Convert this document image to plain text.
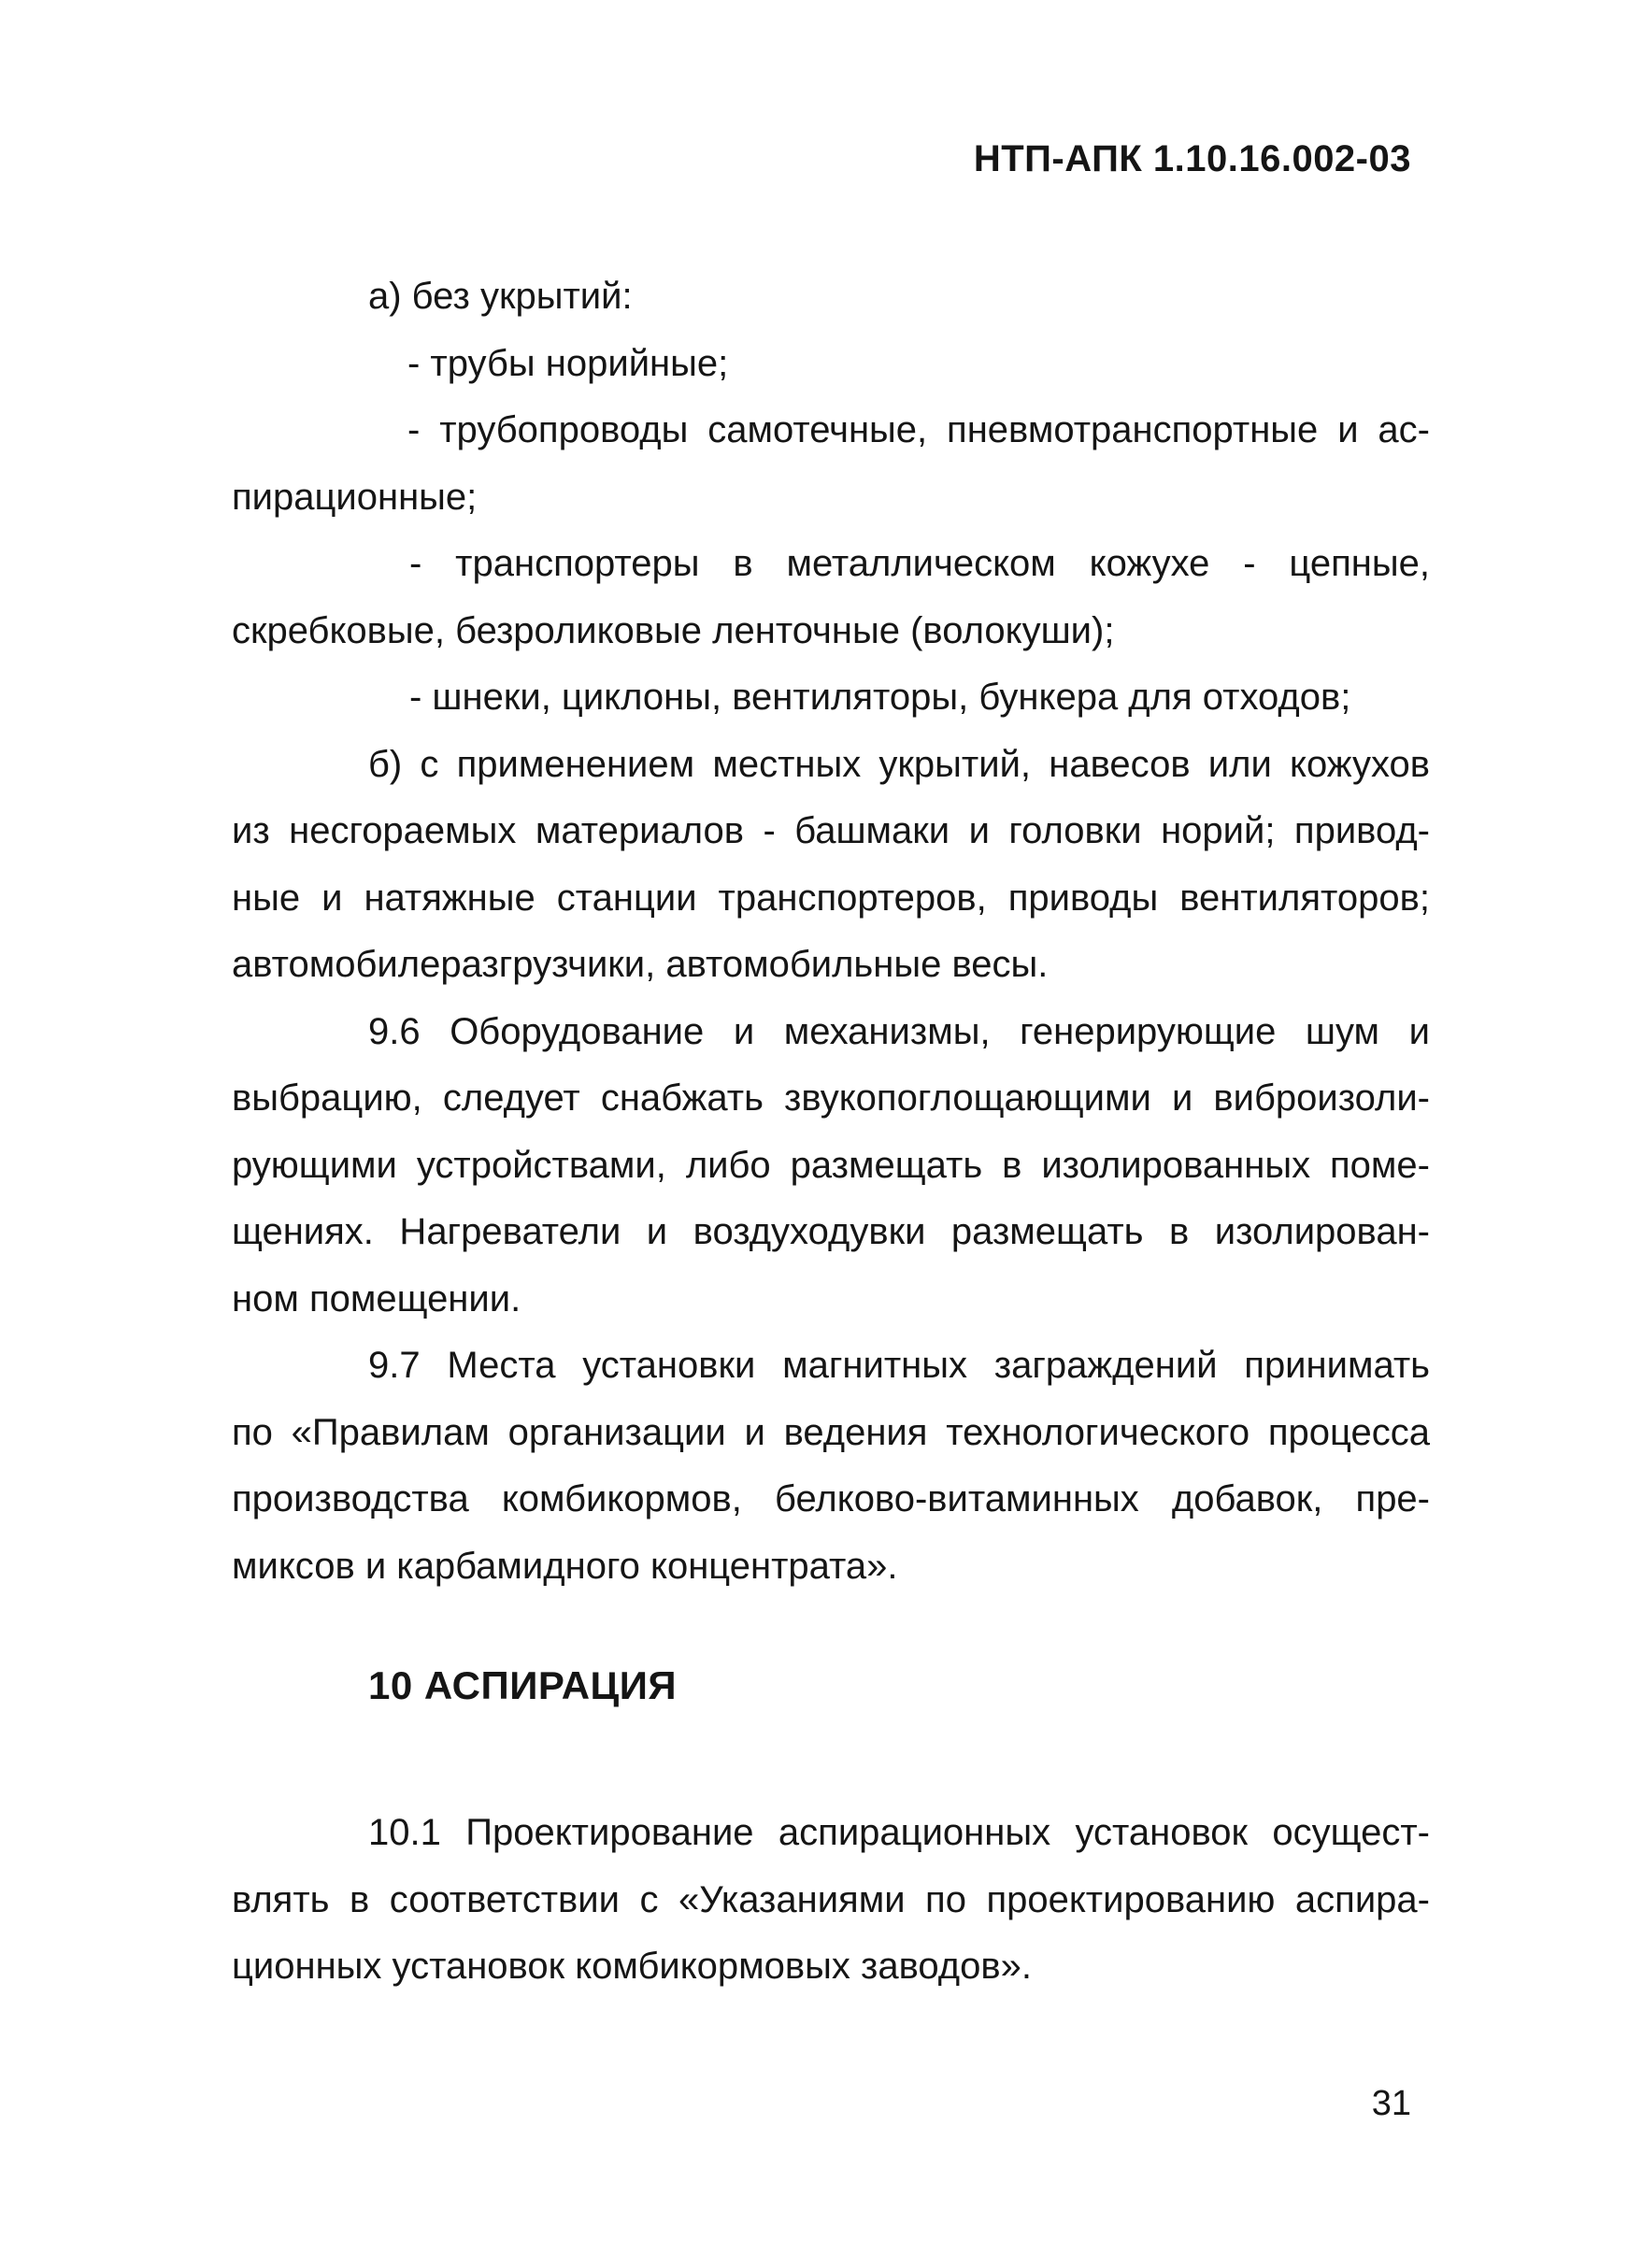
НТП-АПК 1.10.16.002-03
а) без укрытий:
- трубы норийные;
- трубопроводы самотечные, пневмотранспортные и ас-
пирационные;
- транспортеры в металлическом кожухе - цепные,
скребковые, безроликовые ленточные (волокуши);
- шнеки, циклоны, вентиляторы, бункера для отходов;
б) с применением местных укрытий, навесов или кожухов
из несгораемых материалов - башмаки и головки норий; привод-
ные и натяжные станции транспортеров, приводы вентиляторов;
автомобилеразгрузчики, автомобильные весы.
9.6 Оборудование и механизмы, генерирующие шум и
выбрацию, следует снабжать звукопоглощающими и виброизоли-
рующими устройствами, либо размещать в изолированных поме-
щениях. Нагреватели и воздуходувки размещать в изолирован-
ном помещении.
9.7 Места установки магнитных заграждений принимать
по «Правилам организации и ведения технологического процесса
производства комбикормов, белково-витаминных добавок, пре-
миксов и карбамидного концентрата».
10 АСПИРАЦИЯ
10.1 Проектирование аспирационных установок осущест-
влять в соответствии с «Указаниями по проектированию аспира-
ционных установок комбикормовых заводов».
31
